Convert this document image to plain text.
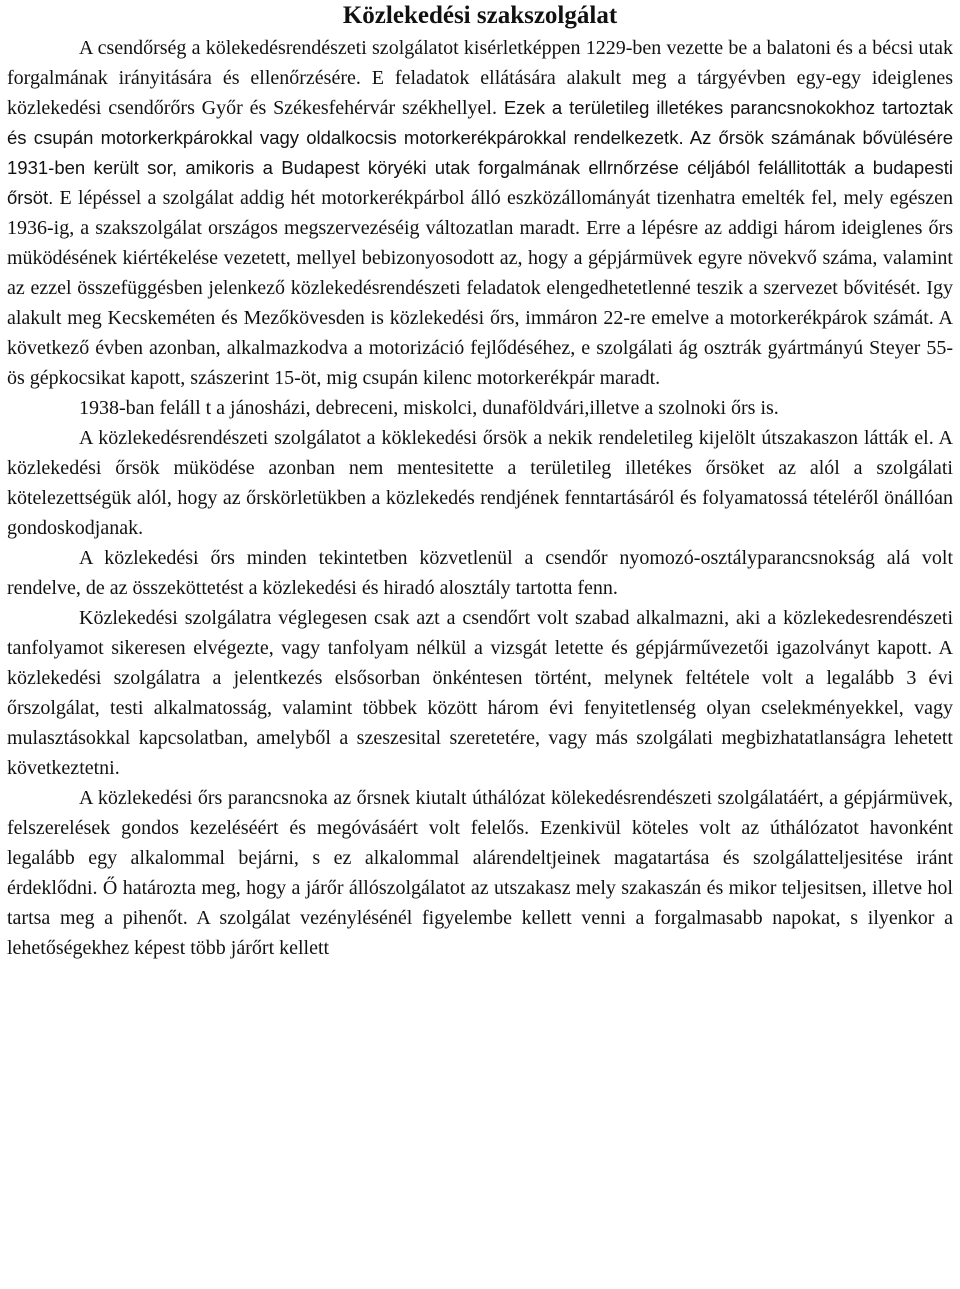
Közlekedési szakszolgálat

A csendőrség a kölekedésrendészeti szolgálatot kisérletképpen 1229-ben vezette be a balatoni és a bécsi utak forgalmának irányitására és ellenőrzésére. E feladatok ellátására alakult meg a tárgyévben egy-egy ideiglenes közlekedési csendőrőrs Győr és Székesfehérvár székhellyel. Ezek a területileg illetékes parancsnokokhoz tartoztak és csupán motorkerkpárokkal vagy oldalkocsis motorkerékpárokkal rendelkezetk. Az őrsök számának bővülésére 1931-ben került sor, amikoris a Budapest köryéki utak forgalmának ellrnőrzése céljából felállitották a budapesti őrsöt. E lépéssel a szolgálat addig hét motorkerékpárbol álló eszközállományát tizenhatra emelték fel, mely egészen 1936-ig, a szakszolgálat országos megszervezéséig változatlan maradt. Erre a lépésre az addigi három ideiglenes őrs müködésének kiértékelése vezetett, mellyel bebizonyosodott az, hogy a gépjármüvek egyre növekvő száma, valamint az ezzel összefüggésben jelenkező közlekedésrendészeti feladatok elengedhetetlenné teszik a szervezet bővitését. Igy alakult meg Kecskeméten és Mezőkövesden is közlekedési őrs, immáron 22-re emelve a motorkerékpárok számát. A következő évben azonban, alkalmazkodva a motorizáció fejlődéséhez, e szolgálati ág osztrák gyártmányú Steyer 55-ös gépkocsikat kapott, szászerint 15-öt, mig csupán kilenc motorkerékpár maradt.

1938-ban feláll t a jánosházi, debreceni, miskolci, dunaföldvári,illetve a szolnoki őrs is.

A közlekedésrendészeti szolgálatot a köklekedési őrsök a nekik rendeletileg kijelölt útszakaszon látták el. A közlekedési őrsök müködése azonban nem mentesitette a területileg illetékes őrsöket az alól a szolgálati kötelezettségük alól, hogy az őrskörletükben a közlekedés rendjének fenntartásáról és folyamatossá tételéről önállóan gondoskodjanak.

A közlekedési őrs minden tekintetben közvetlenül a csendőr nyomozó-osztályparancsnokság alá volt rendelve, de az összeköttetést a közlekedési és hiradó alosztály tartotta fenn.

Közlekedési szolgálatra véglegesen csak azt a csendőrt volt szabad alkalmazni, aki a közlekedesrendészeti tanfolyamot sikeresen elvégezte, vagy tanfolyam nélkül a vizsgát letette és gépjárművezetői igazolványt kapott. A közlekedési szolgálatra a jelentkezés elsősorban önkéntesen történt, melynek feltétele volt a legalább 3 évi őrszolgálat, testi alkalmatosság, valamint többek között három évi fenyitetlenség olyan cselekményekkel, vagy mulasztásokkal kapcsolatban, amelyből a szeszesital szeretetére, vagy más szolgálati megbizhatatlanságra lehetett következtetni.

A közlekedési őrs parancsnoka az őrsnek kiutalt úthálózat kölekedésrendészeti szolgálatáért, a gépjármüvek, felszerelések gondos kezeléséért és megóvásáért volt felelős. Ezenkivül köteles volt az úthálózatot havonként legalább egy alkalommal bejárni, s ez alkalommal alárendeltjeinek magatartása és szolgálatteljesitése iránt érdeklődni. Ő határozta meg, hogy a járőr állószolgálatot az utszakasz mely szakaszán és mikor teljesitsen, illetve hol tartsa meg a pihenőt. A szolgálat vezénylésénél figyelembe kellett venni a forgalmasabb napokat, s ilyenkor a lehetőségekhez képest több járőrt kellett
